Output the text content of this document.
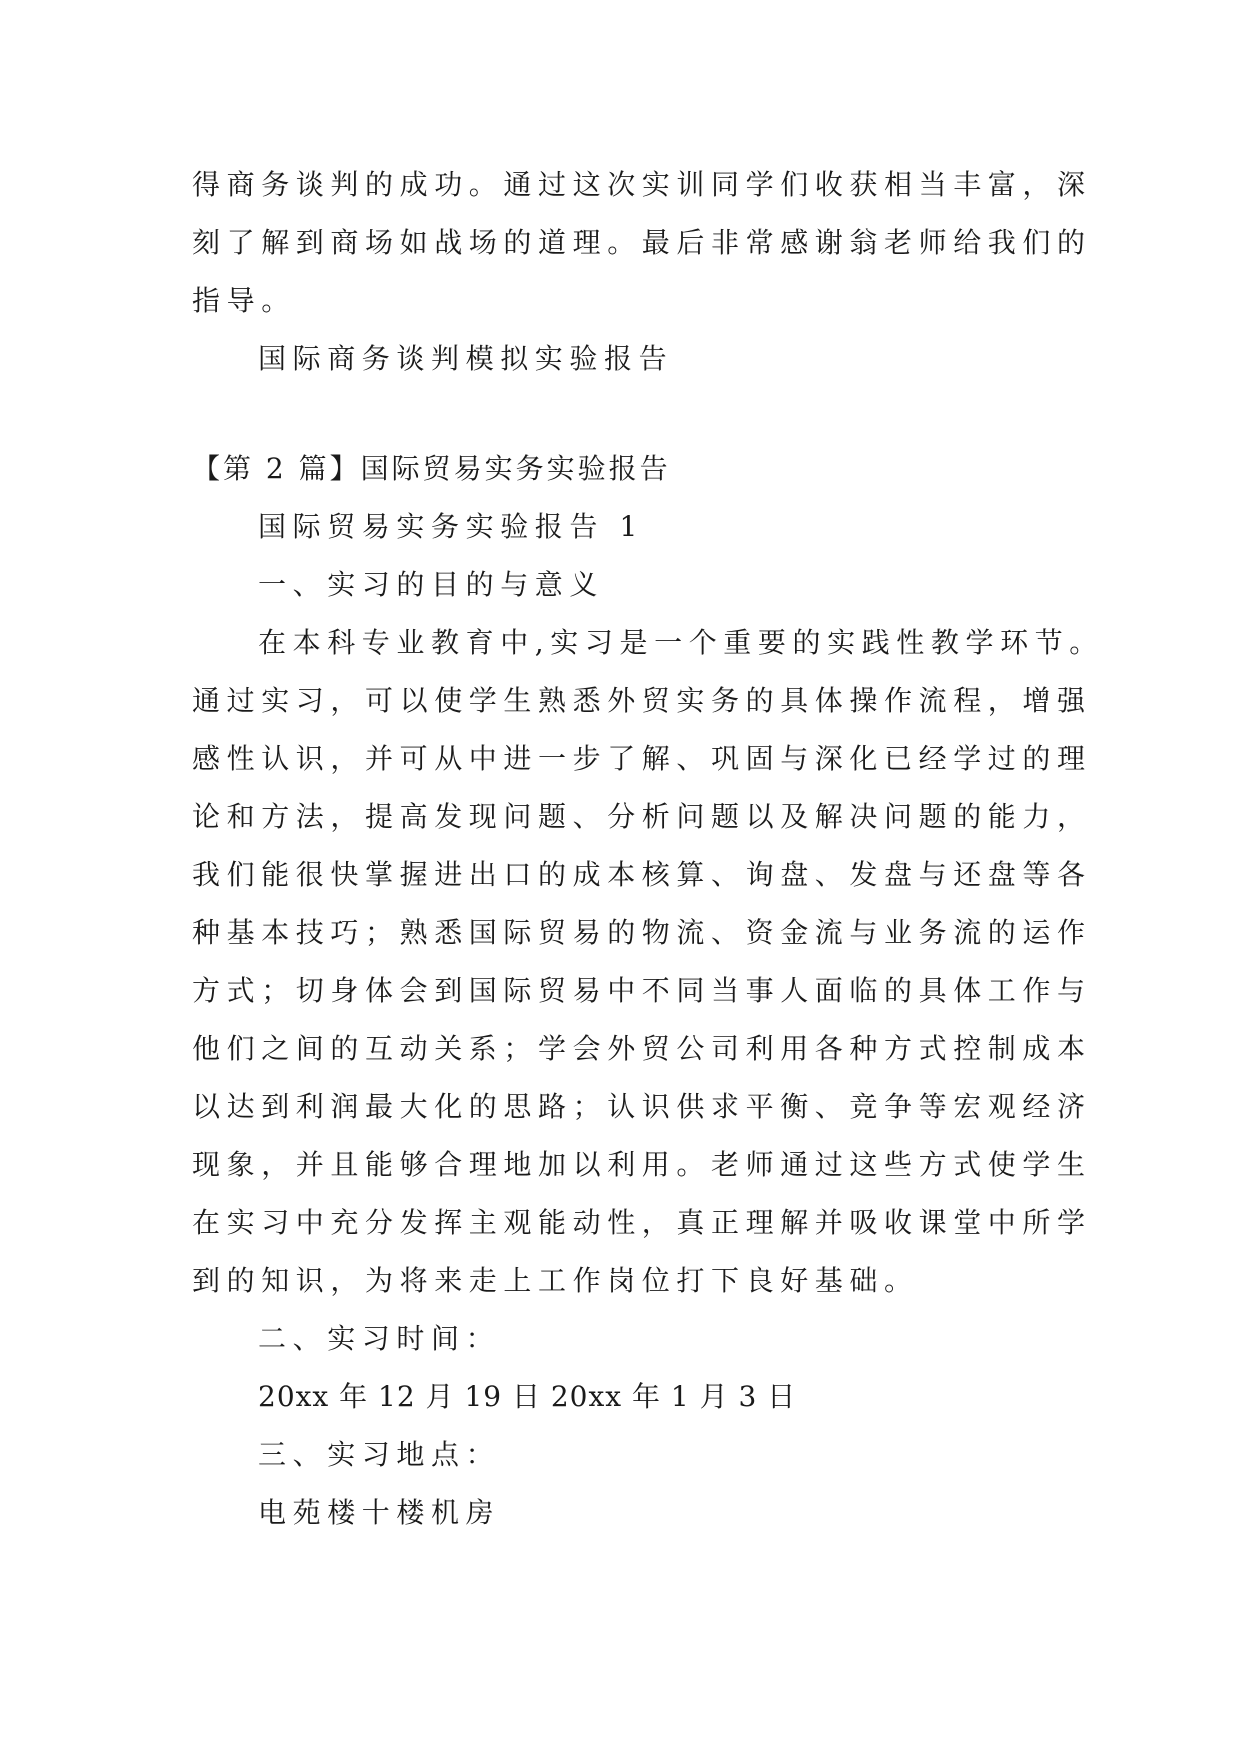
得商务谈判的成功。通过这次实训同学们收获相当丰富，深
刻了解到商场如战场的道理。最后非常感谢翁老师给我们的
指导。
国际商务谈判模拟实验报告
【第 2 篇】国际贸易实务实验报告
国际贸易实务实验报告 1
一、实习的目的与意义
在本科专业教育中,实习是一个重要的实践性教学环节。
通过实习，可以使学生熟悉外贸实务的具体操作流程，增强
感性认识，并可从中进一步了解、巩固与深化已经学过的理
论和方法，提高发现问题、分析问题以及解决问题的能力，
我们能很快掌握进出口的成本核算、询盘、发盘与还盘等各
种基本技巧；熟悉国际贸易的物流、资金流与业务流的运作
方式；切身体会到国际贸易中不同当事人面临的具体工作与
他们之间的互动关系；学会外贸公司利用各种方式控制成本
以达到利润最大化的思路；认识供求平衡、竞争等宏观经济
现象，并且能够合理地加以利用。老师通过这些方式使学生
在实习中充分发挥主观能动性，真正理解并吸收课堂中所学
到的知识，为将来走上工作岗位打下良好基础。
二、实习时间：
20xx 年 12 月 19 日 20xx 年 1 月 3 日
三、实习地点：
电苑楼十楼机房
